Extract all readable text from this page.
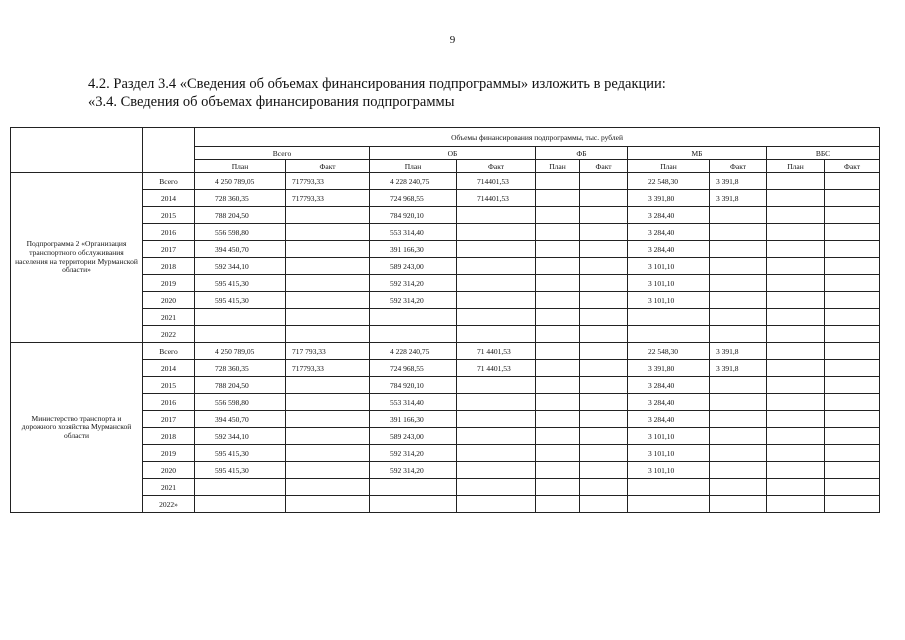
9
4.2. Раздел 3.4 «Сведения об объемах финансирования подпрограммы» изложить в редакции:
«3.4. Сведения об объемах финансирования подпрограммы
		Объемы финансирования подпрограммы, тыс. рублей									
		Всего		ОБ		ФБ		МБ		ВБС	
		План	Факт	План	Факт	План	Факт	План	Факт	План	Факт
Подпрограмма 2 «Организация транспортного обслуживания населения на территории Мурманской области»	Всего	4 250 789,05	717793,33	4 228 240,75	714401,53			22 548,30	3 391,8		
	2014	728 360,35	717793,33	724 968,55	714401,53			3 391,80	3 391,8		
	2015	788 204,50		784 920,10				3 284,40			
	2016	556 598,80		553 314,40				3 284,40			
	2017	394 450,70		391 166,30				3 284,40			
	2018	592 344,10		589 243,00				3 101,10			
	2019	595 415,30		592 314,20				3 101,10			
	2020	595 415,30		592 314,20				3 101,10			
	2021										
	2022										
Министерство транспорта и дорожного хозяйства Мурманской области	Всего	4 250 789,05	717 793,33	4 228 240,75	71 4401,53			22 548,30	3 391,8		
	2014	728 360,35	717793,33	724 968,55	71 4401,53			3 391,80	3 391,8		
	2015	788 204,50		784 920,10				3 284,40			
	2016	556 598,80		553 314,40				3 284,40			
	2017	394 450,70		391 166,30				3 284,40			
	2018	592 344,10		589 243,00				3 101,10			
	2019	595 415,30		592 314,20				3 101,10			
	2020	595 415,30		592 314,20				3 101,10			
	2021										
	2022»										
